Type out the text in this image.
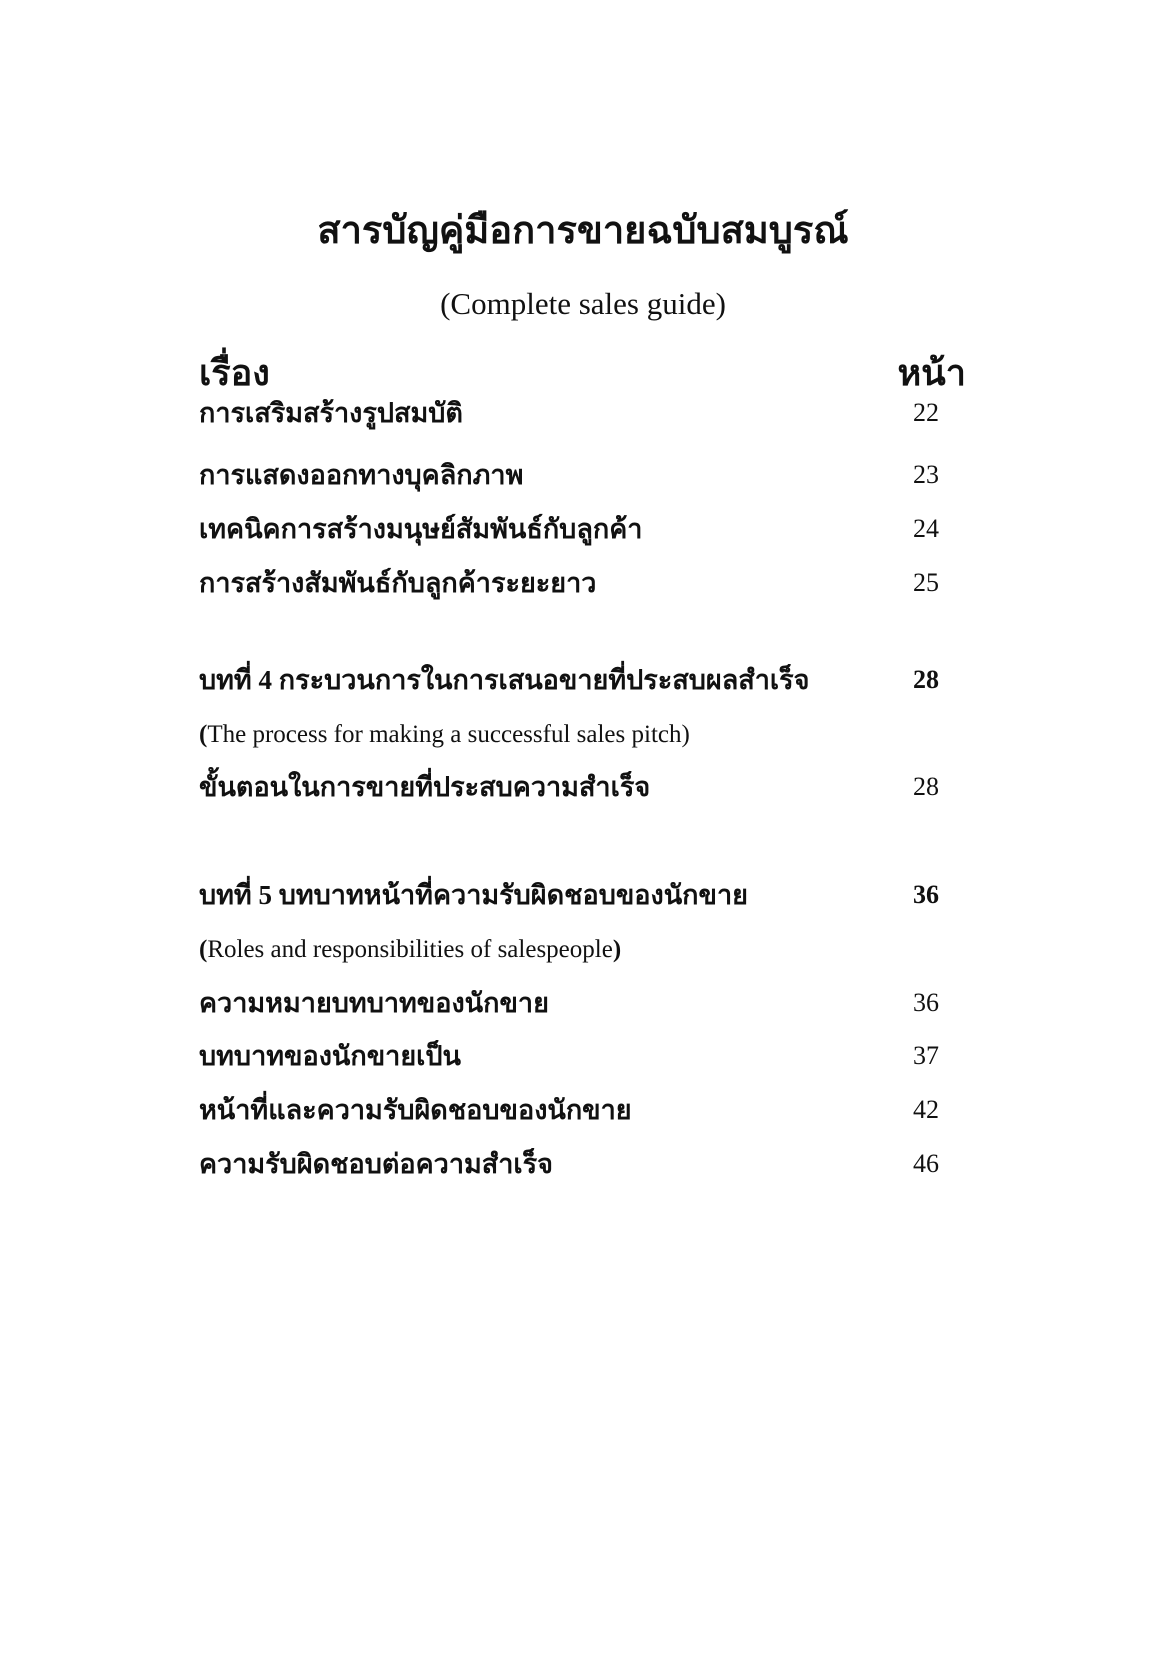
สารบัญคู่มือการขายฉบับสมบูรณ์
(Complete sales guide)
เรื่อง	หน้า
การเสริมสร้างรูปสมบัติ	22
การแสดงออกทางบุคลิกภาพ	23
เทคนิคการสร้างมนุษย์สัมพันธ์กับลูกค้า	24
การสร้างสัมพันธ์กับลูกค้าระยะยาว	25
บทที่ 4 กระบวนการในการเสนอขายที่ประสบผลสำเร็จ	28
(The process for making a successful sales pitch)
ขั้นตอนในการขายที่ประสบความสำเร็จ	28
บทที่ 5 บทบาทหน้าที่ความรับผิดชอบของนักขาย	36
(Roles and responsibilities of salespeople)
ความหมายบทบาทของนักขาย	36
บทบาทของนักขายเป็น	37
หน้าที่และความรับผิดชอบของนักขาย	42
ความรับผิดชอบต่อความสำเร็จ	46
